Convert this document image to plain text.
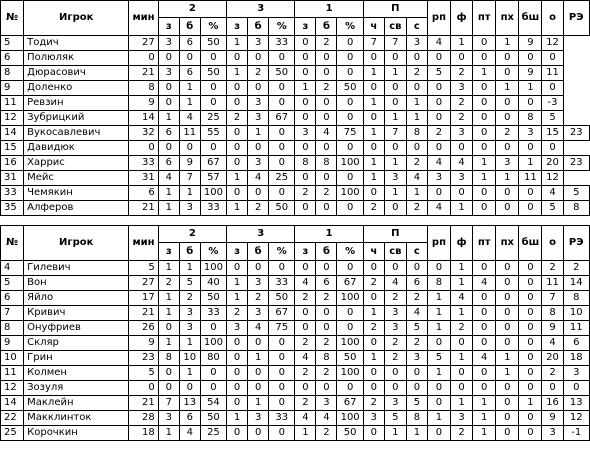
№	Игрок	мин	2			3			1			П			рп	ф	пт	пх	бш	о	РЭ
			з	б	%	з	б	%	з	б	%	ч	св	с							
5	Тодич	27	3	6	50	1	3	33	0	2	0	7	7	3	4	1	0	1	9	12	
6	Полюляк	0	0	0	0	0	0	0	0	0	0	0	0	0	0	0	0	0	0	0	
8	Дюрасович	21	3	6	50	1	2	50	0	0	0	1	1	2	5	2	1	0	9	11	
9	Доленко	8	0	1	0	0	0	0	1	2	50	0	0	0	0	3	0	1	1	0	
11	Ревзин	9	0	1	0	0	3	0	0	0	0	1	0	1	0	2	0	0	0	-3	
12	Зубрицкий	14	1	4	25	2	3	67	0	0	0	0	1	1	0	2	0	0	8	5	
14	Вукосавлевич	32	6	11	55	0	1	0	3	4	75	1	7	8	2	3	0	2	3	15	23
15	Давидюк	0	0	0	0	0	0	0	0	0	0	0	0	0	0	0	0	0	0	0	
16	Харрис	33	6	9	67	0	3	0	8	8	100	1	1	2	4	4	1	3	1	20	23
31	Мейс	31	4	7	57	1	4	25	0	0	0	1	3	4	3	3	1	1	11	12	
33	Чемякин	6	1	1	100	0	0	0	2	2	100	0	1	1	0	0	0	0	0	4	5
35	Алферов	21	1	3	33	1	2	50	0	0	0	2	0	2	4	1	0	0	0	5	8

№	Игрок	мин	2			3			1			П			рп	ф	пт	пх	бш	о	РЭ
			з	б	%	з	б	%	з	б	%	ч	св	с							
4	Гилевич	5	1	1	100	0	0	0	0	0	0	0	0	0	0	1	0	0	0	2	2
5	Вон	27	2	5	40	1	3	33	4	6	67	2	4	6	8	1	4	0	0	11	14
6	Яйло	17	1	2	50	1	2	50	2	2	100	0	2	2	1	4	0	0	0	7	8
7	Кривич	21	1	3	33	2	3	67	0	0	0	1	3	4	1	1	0	0	0	8	10
8	Онуфриев	26	0	3	0	3	4	75	0	0	0	2	3	5	1	2	0	0	0	9	11
9	Скляр	9	1	1	100	0	0	0	2	2	100	0	2	2	0	0	0	0	0	4	6
10	Грин	23	8	10	80	0	1	0	4	8	50	1	2	3	5	1	4	1	0	20	18
11	Колмен	5	0	1	0	0	0	0	2	2	100	0	0	0	1	0	0	1	0	2	3
12	Зозуля	0	0	0	0	0	0	0	0	0	0	0	0	0	0	0	0	0	0	0	0
14	Маклейн	21	7	13	54	0	1	0	2	3	67	2	3	5	0	1	1	0	1	16	13
22	Макклинток	28	3	6	50	1	3	33	4	4	100	3	5	8	1	3	1	0	0	9	12
25	Корочкин	18	1	4	25	0	0	0	1	2	50	0	1	1	0	2	1	0	0	3	-1
